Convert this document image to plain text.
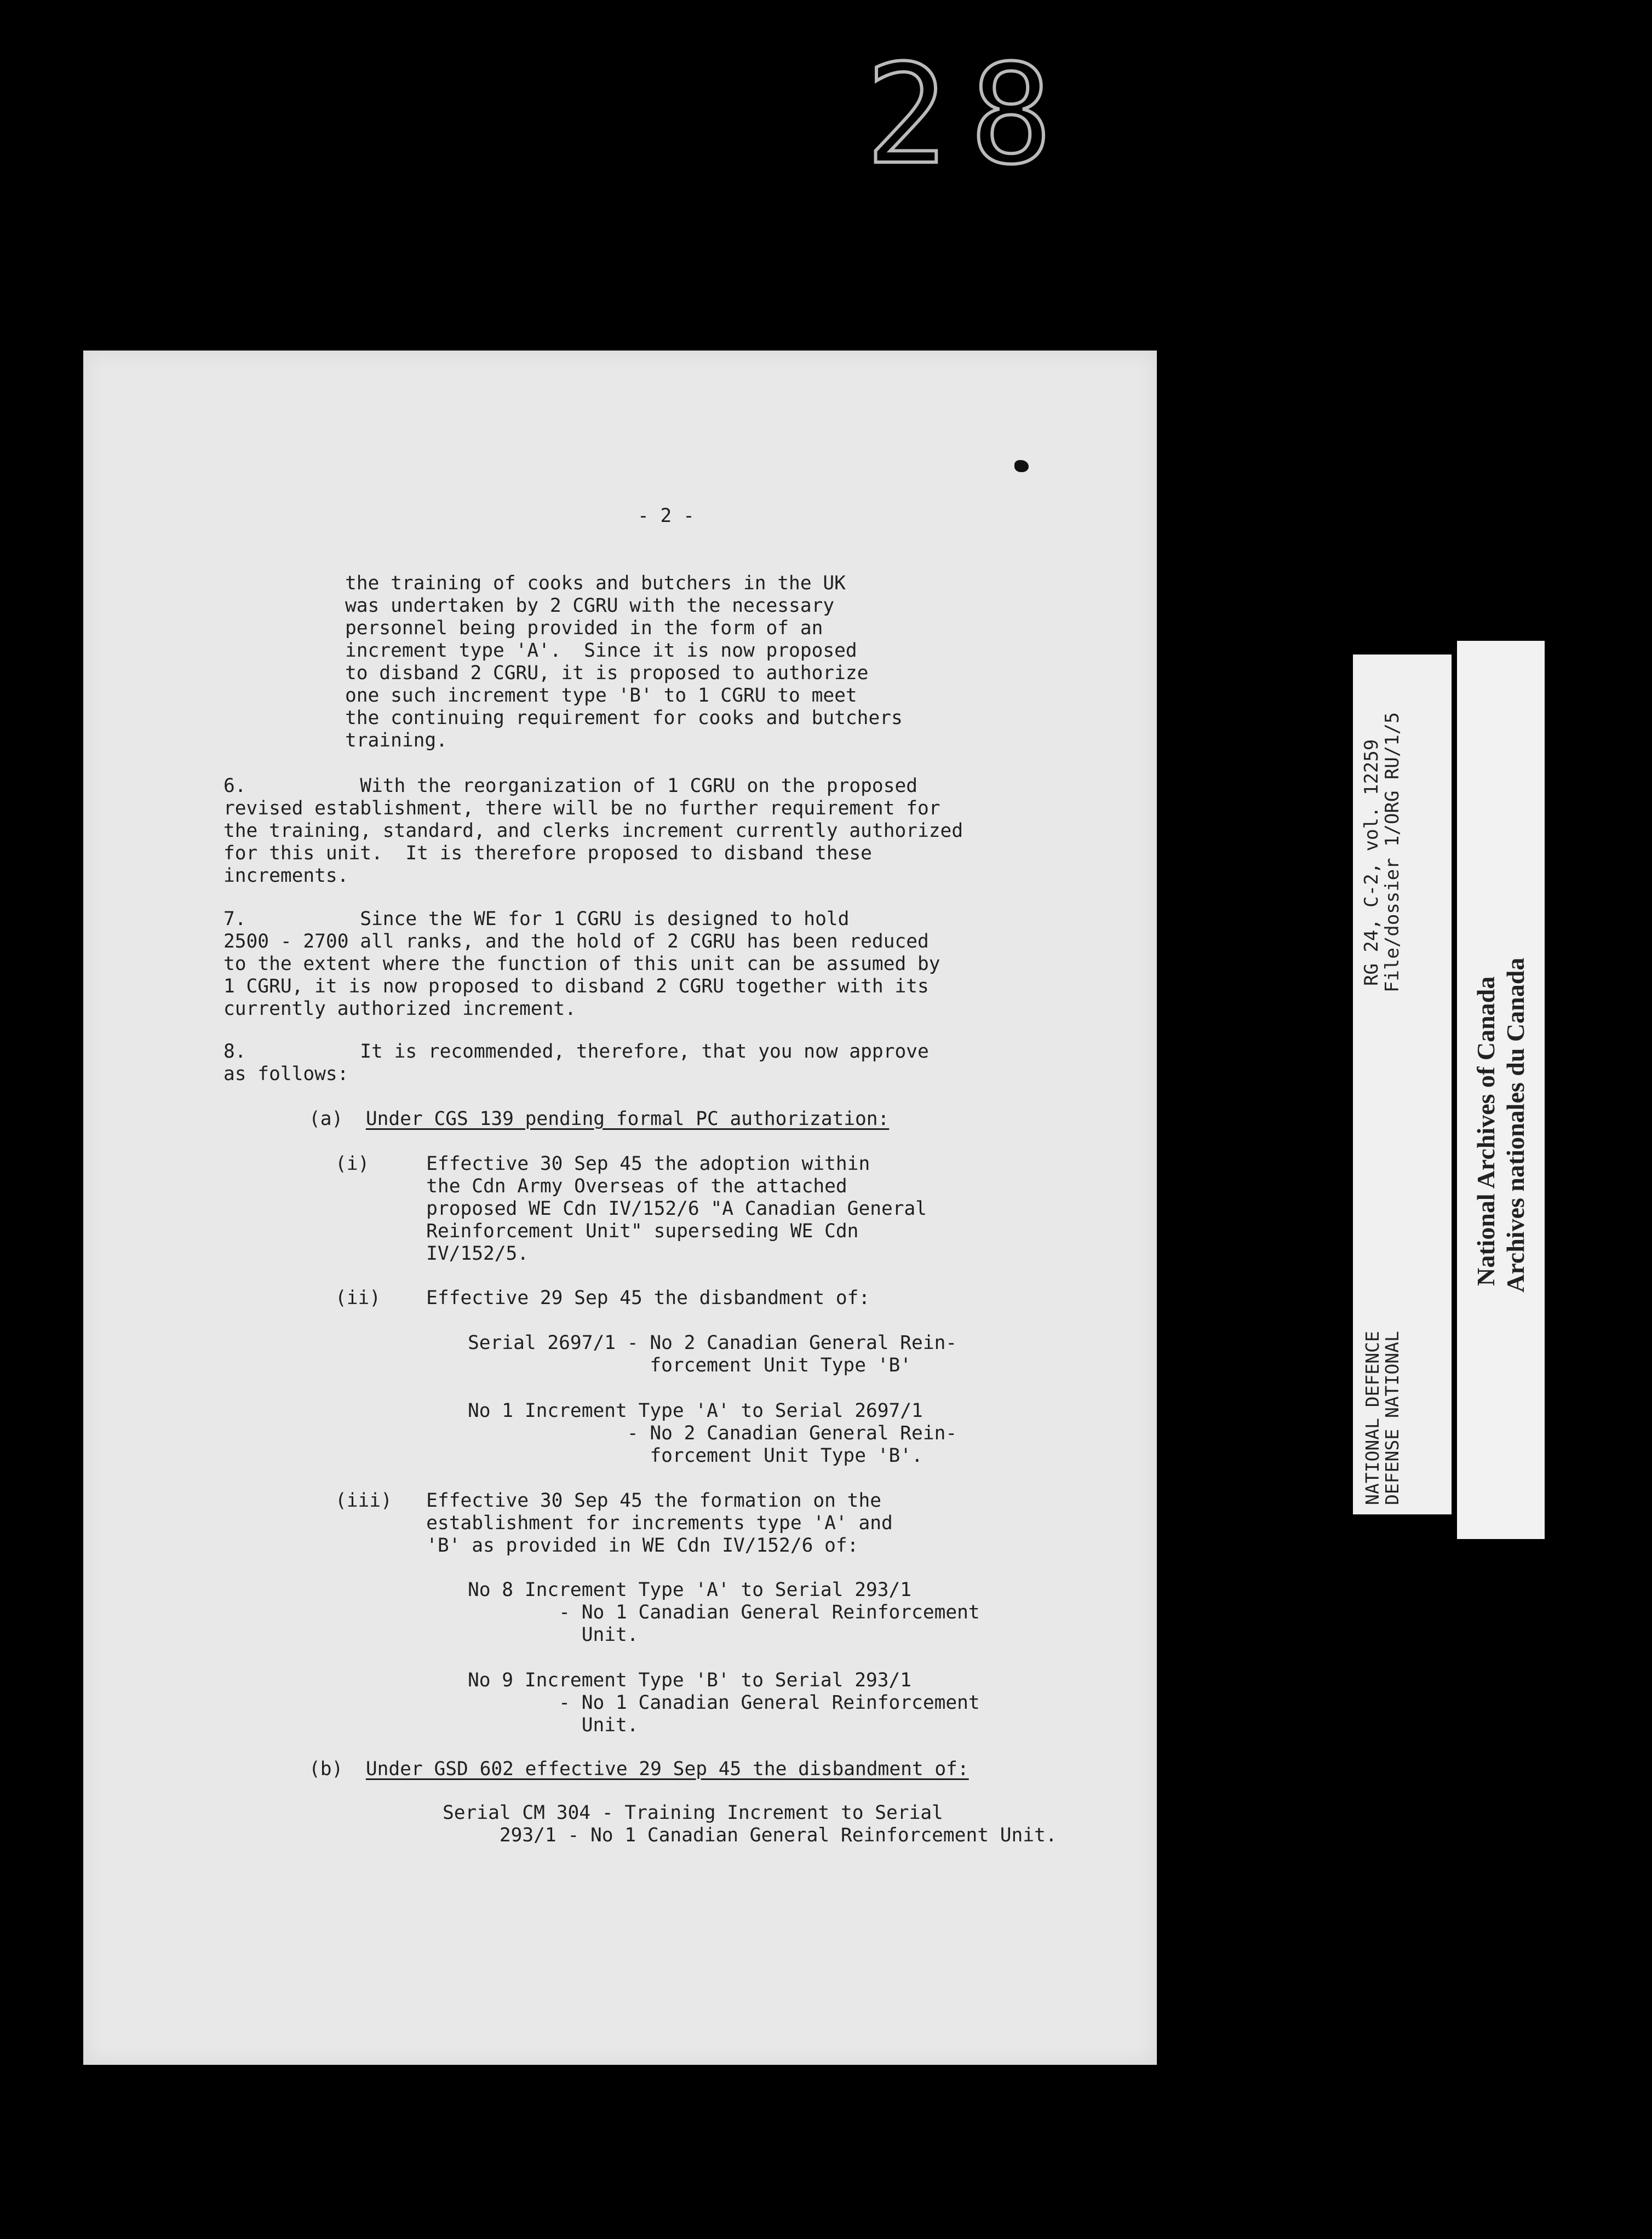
28
- 2 -
the training of cooks and butchers in the UK
was undertaken by 2 CGRU with the necessary
personnel being provided in the form of an
increment type 'A'.  Since it is now proposed
to disband 2 CGRU, it is proposed to authorize
one such increment type 'B' to 1 CGRU to meet
the continuing requirement for cooks and butchers
training.
6.          With the reorganization of 1 CGRU on the proposed
revised establishment, there will be no further requirement for
the training, standard, and clerks increment currently authorized
for this unit.  It is therefore proposed to disband these
increments.
7.          Since the WE for 1 CGRU is designed to hold
2500 - 2700 all ranks, and the hold of 2 CGRU has been reduced
to the extent where the function of this unit can be assumed by
1 CGRU, it is now proposed to disband 2 CGRU together with its
currently authorized increment.
8.          It is recommended, therefore, that you now approve
as follows:
(a) Under CGS 139 pending formal PC authorization:
(i)     Effective 30 Sep 45 the adoption within
the Cdn Army Overseas of the attached
proposed WE Cdn IV/152/6 "A Canadian General
Reinforcement Unit" superseding WE Cdn
IV/152/5.
(ii)    Effective 29 Sep 45 the disbandment of:
Serial 2697/1 - No 2 Canadian General Rein-
forcement Unit Type 'B'
No 1 Increment Type 'A' to Serial 2697/1
- No 2 Canadian General Rein-
forcement Unit Type 'B'.
(iii)   Effective 30 Sep 45 the formation on the
establishment for increments type 'A' and
'B' as provided in WE Cdn IV/152/6 of:
No 8 Increment Type 'A' to Serial 293/1
- No 1 Canadian General Reinforcement
Unit.
No 9 Increment Type 'B' to Serial 293/1
- No 1 Canadian General Reinforcement
Unit.
(b) Under GSD 602 effective 29 Sep 45 the disbandment of:
Serial CM 304 - Training Increment to Serial
293/1 - No 1 Canadian General Reinforcement Unit.
RG 24, C-2, vol. 12259
File/dossier 1/ORG RU/1/5
NATIONAL DEFENCE
DEFENSE NATIONAL
National Archives of Canada Archives nationales du Canada
